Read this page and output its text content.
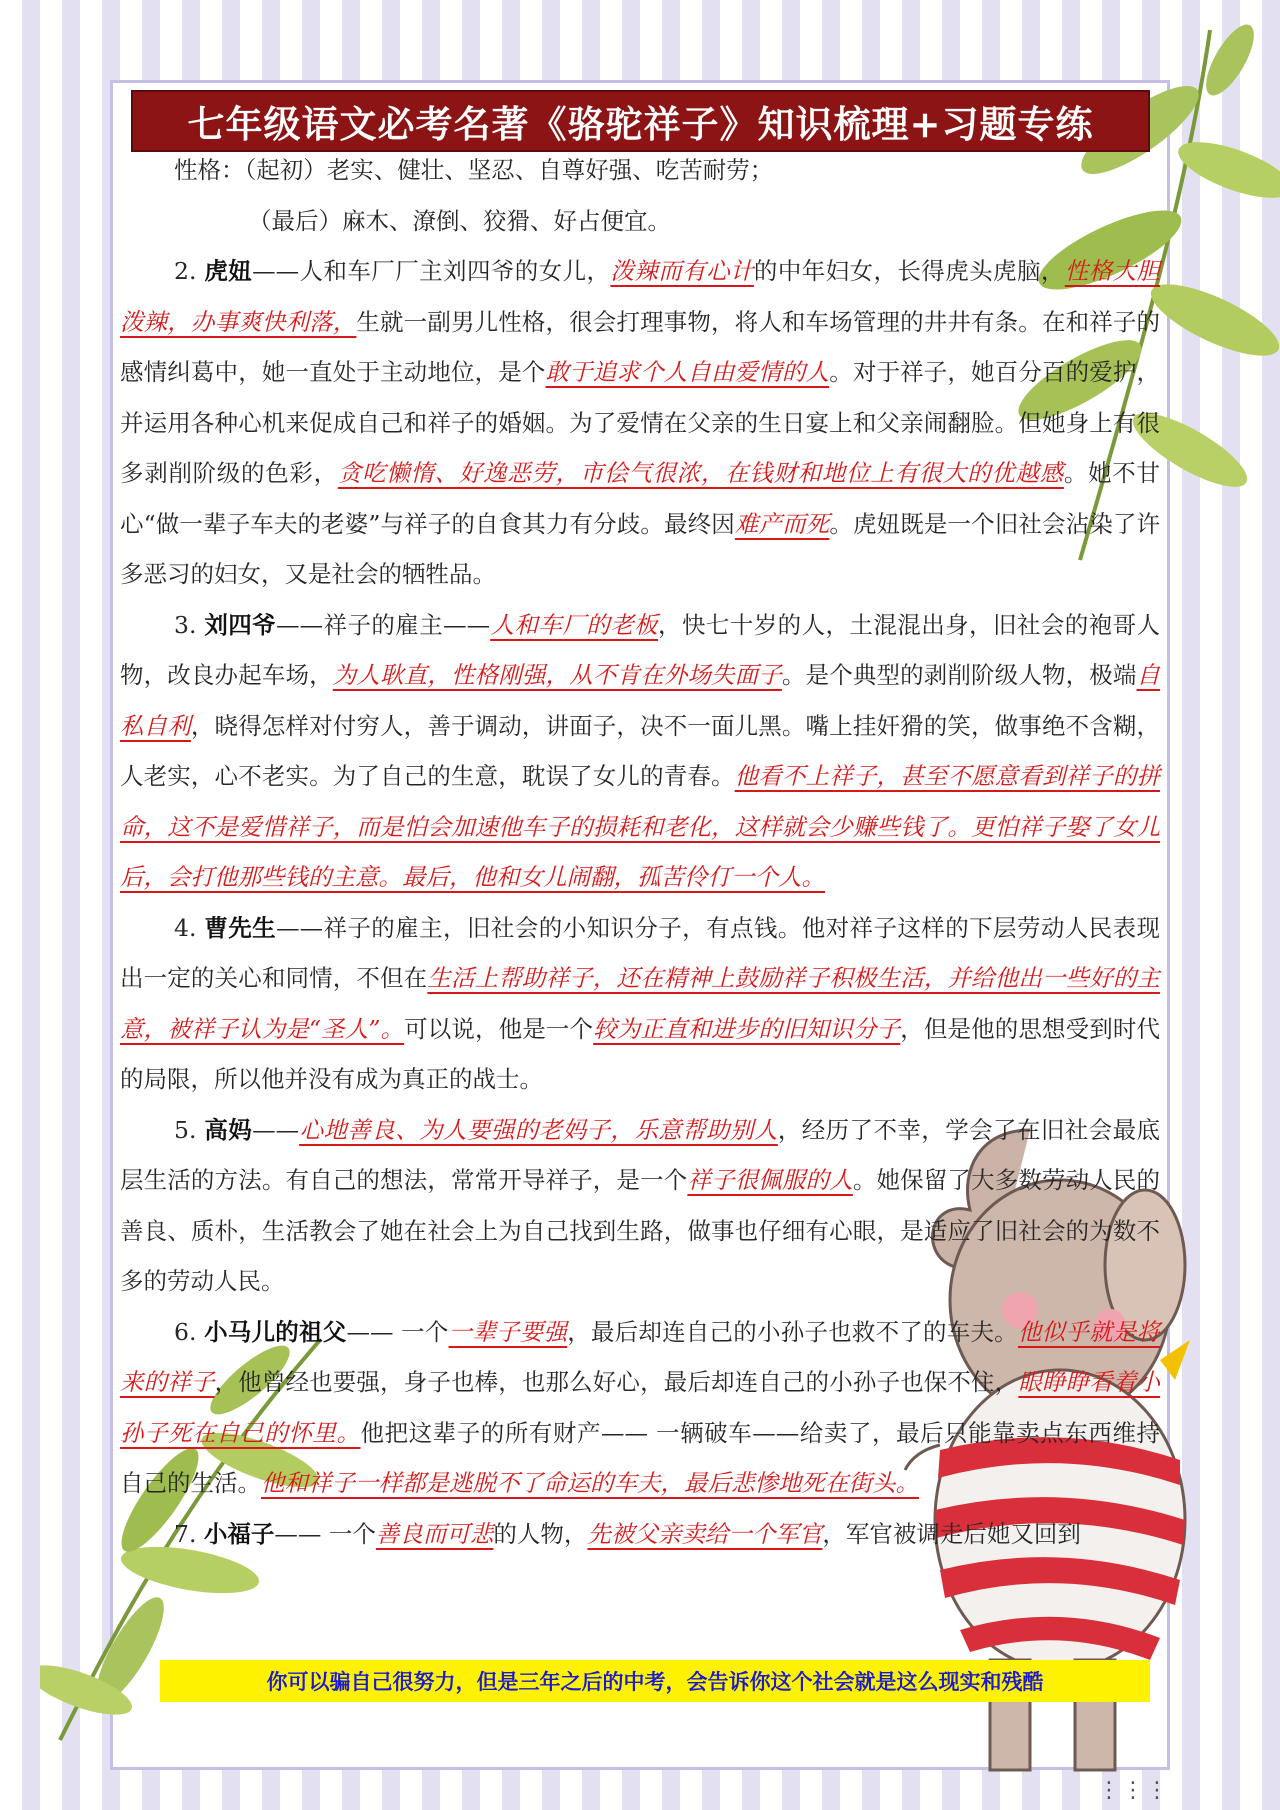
七年级语文必考名著《骆驼祥子》知识梳理+习题专练

性格：（起初）老实、健壮、坚忍、自尊好强、吃苦耐劳；

（最后）麻木、潦倒、狡猾、好占便宜。

2. 虎妞——人和车厂厂主刘四爷的女儿，泼辣而有心计的中年妇女，长得虎头虎脑，性格大胆泼辣，办事爽快利落，生就一副男儿性格，很会打理事物，将人和车场管理的井井有条。在和祥子的感情纠葛中，她一直处于主动地位，是个敢于追求个人自由爱情的人。对于祥子，她百分百的爱护，并运用各种心机来促成自己和祥子的婚姻。为了爱情在父亲的生日宴上和父亲闹翻脸。但她身上有很多剥削阶级的色彩，贪吃懒惰、好逸恶劳，市侩气很浓，在钱财和地位上有很大的优越感。她不甘心“做一辈子车夫的老婆”与祥子的自食其力有分歧。最终因难产而死。虎妞既是一个旧社会沾染了许多恶习的妇女，又是社会的牺牲品。

3. 刘四爷——祥子的雇主——人和车厂的老板，快七十岁的人，土混混出身，旧社会的袍哥人物，改良办起车场，为人耿直，性格刚强，从不肯在外场失面子。是个典型的剥削阶级人物，极端自私自利，晓得怎样对付穷人，善于调动，讲面子，决不一面儿黑。嘴上挂奸猾的笑，做事绝不含糊，人老实，心不老实。为了自己的生意，耽误了女儿的青春。他看不上祥子，甚至不愿意看到祥子的拼命，这不是爱惜祥子，而是怕会加速他车子的损耗和老化，这样就会少赚些钱了。更怕祥子娶了女儿后，会打他那些钱的主意。最后，他和女儿闹翻，孤苦伶仃一个人。

4. 曹先生——祥子的雇主，旧社会的小知识分子，有点钱。他对祥子这样的下层劳动人民表现出一定的关心和同情，不但在生活上帮助祥子，还在精神上鼓励祥子积极生活，并给他出一些好的主意，被祥子认为是“圣人”。可以说，他是一个较为正直和进步的旧知识分子，但是他的思想受到时代的局限，所以他并没有成为真正的战士。

5. 高妈——心地善良、为人要强的老妈子，乐意帮助别人，经历了不幸，学会了在旧社会最底层生活的方法。有自己的想法，常常开导祥子，是一个祥子很佩服的人。她保留了大多数劳动人民的善良、质朴，生活教会了她在社会上为自己找到生路，做事也仔细有心眼，是适应了旧社会的为数不多的劳动人民。

6. 小马儿的祖父—— 一个一辈子要强，最后却连自己的小孙子也救不了的车夫。他似乎就是将来的祥子，他曾经也要强，身子也棒，也那么好心，最后却连自己的小孙子也保不住，眼睁睁看着小孙子死在自己的怀里。他把这辈子的所有财产—— 一辆破车——给卖了，最后只能靠卖点东西维持自己的生活。他和祥子一样都是逃脱不了命运的车夫，最后悲惨地死在街头。

7. 小福子—— 一个善良而可悲的人物，先被父亲卖给一个军官，军官被调走后她又回到

你可以骗自己很努力，但是三年之后的中考，会告诉你这个社会就是这么现实和残酷
⋮⋮⋮
